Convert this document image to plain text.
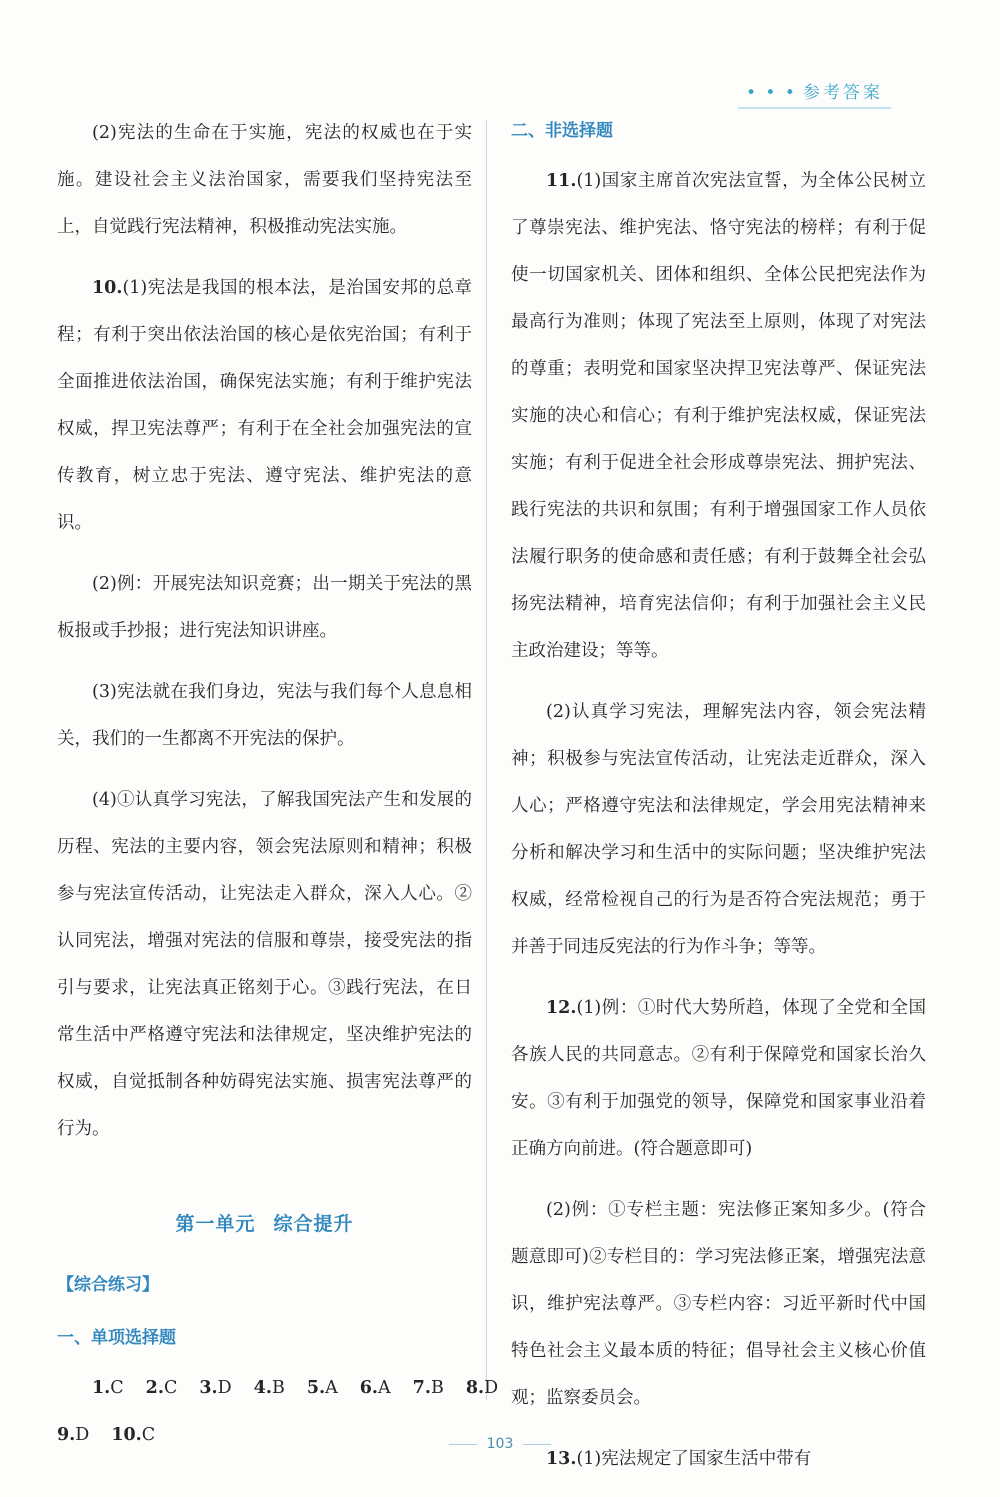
• • • 参考答案

(2)宪法的生命在于实施，宪法的权威也在于实施。建设社会主义法治国家，需要我们坚持宪法至上，自觉践行宪法精神，积极推动宪法实施。

10.(1)宪法是我国的根本法，是治国安邦的总章程；有利于突出依法治国的核心是依宪治国；有利于全面推进依法治国，确保宪法实施；有利于维护宪法权威，捍卫宪法尊严；有利于在全社会加强宪法的宣传教育，树立忠于宪法、遵守宪法、维护宪法的意识。

(2)例：开展宪法知识竞赛；出一期关于宪法的黑板报或手抄报；进行宪法知识讲座。

(3)宪法就在我们身边，宪法与我们每个人息息相关，我们的一生都离不开宪法的保护。

(4)①认真学习宪法，了解我国宪法产生和发展的历程、宪法的主要内容，领会宪法原则和精神；积极参与宪法宣传活动，让宪法走入群众，深入人心。②认同宪法，增强对宪法的信服和尊崇，接受宪法的指引与要求，让宪法真正铭刻于心。③践行宪法，在日常生活中严格遵守宪法和法律规定，坚决维护宪法的权威，自觉抵制各种妨碍宪法实施、损害宪法尊严的行为。

第一单元 综合提升
【综合练习】
一、单项选择题

1.C 2.C 3.D 4.B 5.A 6.A 7.B 8.D

9.D 10.C

二、非选择题

11.(1)国家主席首次宪法宣誓，为全体公民树立了尊崇宪法、维护宪法、恪守宪法的榜样；有利于促使一切国家机关、团体和组织、全体公民把宪法作为最高行为准则；体现了宪法至上原则，体现了对宪法的尊重；表明党和国家坚决捍卫宪法尊严、保证宪法实施的决心和信心；有利于维护宪法权威，保证宪法实施；有利于促进全社会形成尊崇宪法、拥护宪法、践行宪法的共识和氛围；有利于增强国家工作人员依法履行职务的使命感和责任感；有利于鼓舞全社会弘扬宪法精神，培育宪法信仰；有利于加强社会主义民主政治建设；等等。

(2)认真学习宪法，理解宪法内容，领会宪法精神；积极参与宪法宣传活动，让宪法走近群众，深入人心；严格遵守宪法和法律规定，学会用宪法精神来分析和解决学习和生活中的实际问题；坚决维护宪法权威，经常检视自己的行为是否符合宪法规范；勇于并善于同违反宪法的行为作斗争；等等。

12.(1)例：①时代大势所趋，体现了全党和全国各族人民的共同意志。②有利于保障党和国家长治久安。③有利于加强党的领导，保障党和国家事业沿着正确方向前进。(符合题意即可)

(2)例：①专栏主题：宪法修正案知多少。(符合题意即可)②专栏目的：学习宪法修正案，增强宪法意识，维护宪法尊严。③专栏内容：习近平新时代中国特色社会主义最本质的特征；倡导社会主义核心价值观；监察委员会。

13.(1)宪法规定了国家生活中带有

103
